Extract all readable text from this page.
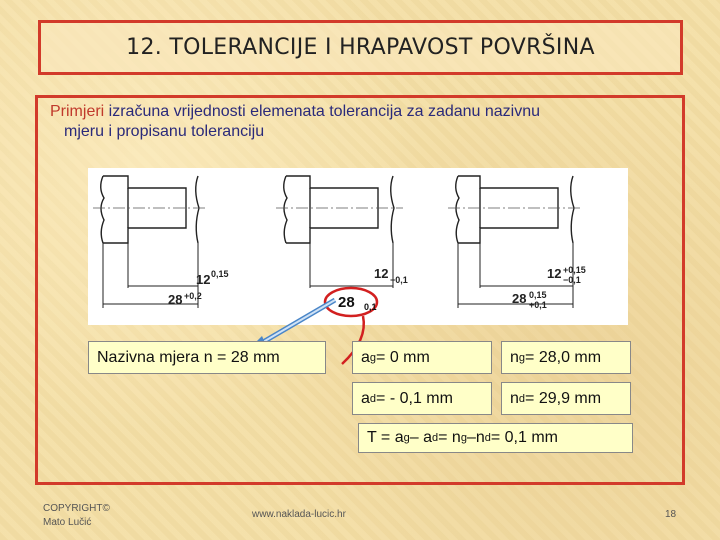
12. TOLERANCIJE I HRAPAVOST POVRŠINA
Primjeri izračuna vrijednosti elemenata tolerancija za zadanu nazivnu
mjeru i propisanu toleranciju
12 0,15
28 +0,2
12 −0,1	12 +0,15
−0,1
28 0,15
+0,1
28 0,1
Nazivna mjera n = 28 mm	a g = 0 mm	n g = 28,0 mm
a d = - 0,1 mm	n d = 29,9 mm
T = a g – a d = n g –n d = 0,1 mm
COPYRIGHT©
Mato Lučić
www.naklada-lucic.hr	18
